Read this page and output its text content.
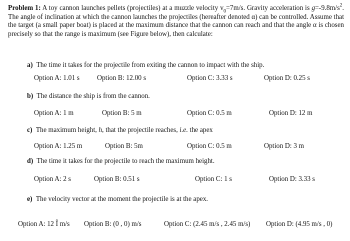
Problem 1: A toy cannon launches pellets (projectiles) at a muzzle velocity $v_0=7m/s$. Gravity acceleration is $g=-9.8m/s^2$. The angle of inclination at which the cannon launches the projectiles (hereafter denoted α) can be controlled. Assume that the target (a small paper boat) is placed at the maximum distance that the cannon can reach and that the angle α is chosen precisely so that the range is maximum (see Figure below), then calculate:
a) The time it takes for the projectile from exiting the cannon to impact with the ship.
Option A: 1.01 s	Option B: 12.00 s	Option C: 3.33 s	Option D: 0.25 s
b) The distance the ship is from the cannon.
Option A: 1 m	Option B: 5 m	Option C: 0.5 m	Option D: 12 m
c) The maximum height, h, that the projectile reaches, i.e. the apex
Option A: 1.25 m	Option B: 5m	Option C: 0.5 m	Option D: 3 m
d) The time it takes for the projectile to reach the maximum height.
Option A: 2 s	Option B: 0.51 s	Option C: 1 s	Option D: 3.33 s
e) The velocity vector at the moment the projectile is at the apex.
Option A: 12 Î m/s Option B: (0 , 0) m/s	Option C: (2.45 m/s , 2.45 m/s) Option D: (4.95 m/s , 0)
